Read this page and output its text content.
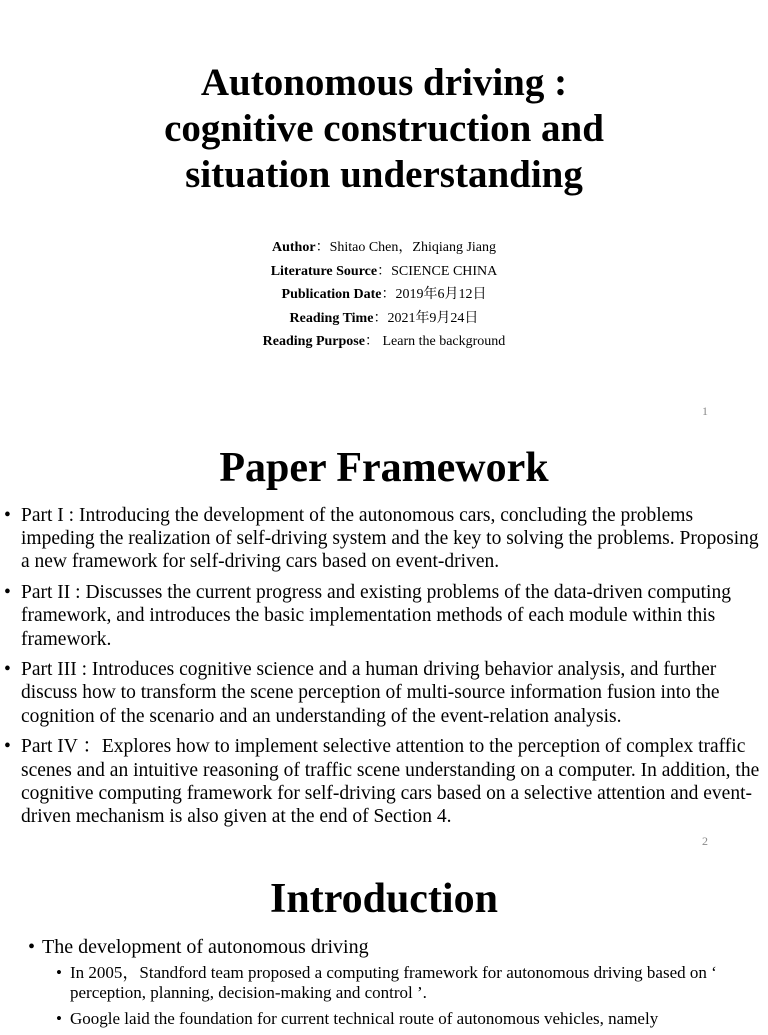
Autonomous driving :
cognitive construction and
situation understanding
Author：Shitao Chen，Zhiqiang Jiang
Literature Source：SCIENCE CHINA
Publication Date：2019年6月12日
Reading Time：2021年9月24日
Reading Purpose： Learn the background
1
Paper Framework
• Part I : Introducing the development of the autonomous cars, concluding the problems impeding the realization of self-driving system and the key to solving the problems. Proposing a new framework for self-driving cars based on event-driven.
• Part II : Discusses the current progress and existing problems of the data-driven computing framework, and introduces the basic implementation methods of each module within this framework.
• Part III : Introduces cognitive science and a human driving behavior analysis, and further discuss how to transform the scene perception of multi-source information fusion into the cognition of the scenario and an understanding of the event-relation analysis.
• Part IV ：Explores how to implement selective attention to the perception of complex traffic scenes and an intuitive reasoning of traffic scene understanding on a computer. In addition, the cognitive computing framework for self-driving cars based on a selective attention and event-driven mechanism is also given at the end of Section 4.
2
Introduction
• The development of autonomous driving
• In 2005，Standford team proposed a computing framework for autonomous driving based on ‘ perception, planning, decision-making and control ’.
• Google laid the foundation for current technical route of autonomous vehicles, namely
